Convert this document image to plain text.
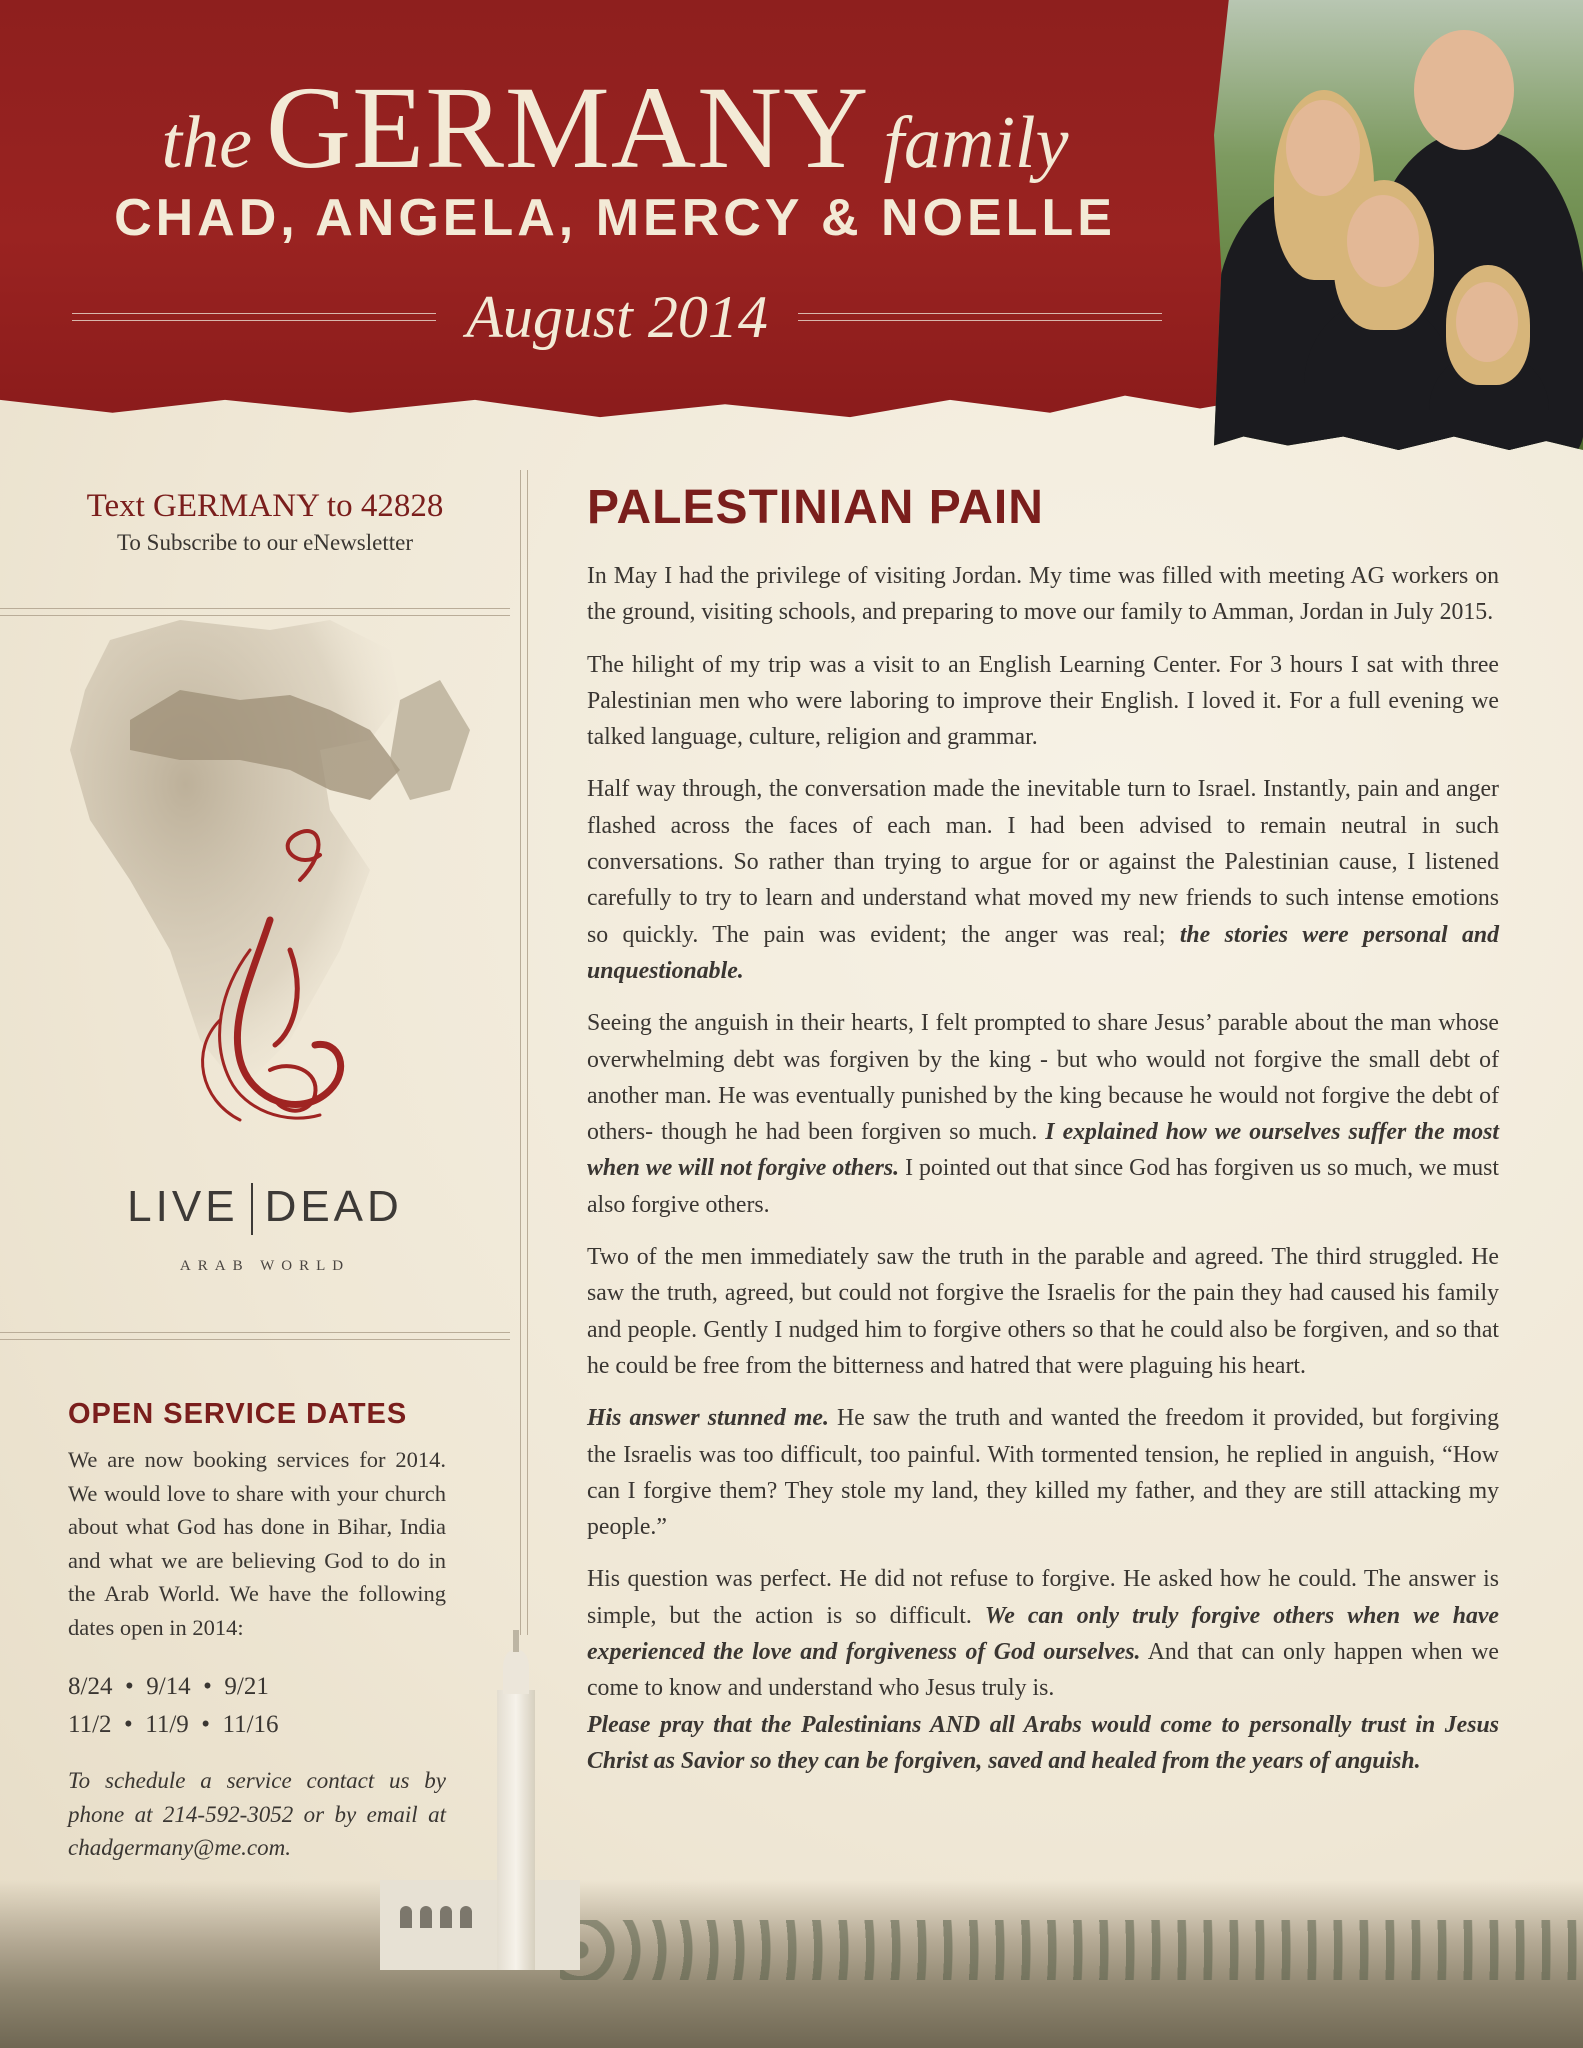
the GERMANY family
CHAD, ANGELA, MERCY & NOELLE
August 2014
Text GERMANY to 42828
To Subscribe to our eNewsletter
LIVE DEAD
ARAB WORLD
OPEN SERVICE DATES
We are now booking services for 2014. We would love to share with your church about what God has done in Bihar, India and what we are believing God to do in the Arab World. We have the following dates open in 2014:
8/24  •  9/14  •  9/21
11/2  •  11/9  •  11/16
To schedule a service contact us by phone at 214-592-3052 or by email at chadgermany@me.com.
PALESTINIAN PAIN

In May I had the privilege of visiting Jordan. My time was filled with meeting AG workers on the ground, visiting schools, and preparing to move our family to Amman, Jordan in July 2015.

The hilight of my trip was a visit to an English Learning Center. For 3 hours I sat with three Palestinian men who were laboring to improve their English. I loved it. For a full evening we talked language, culture, religion and grammar.

Half way through, the conversation made the inevitable turn to Israel. Instantly, pain and anger flashed across the faces of each man. I had been advised to remain neutral in such conversations. So rather than trying to argue for or against the Palestinian cause, I listened carefully to try to learn and understand what moved my new friends to such intense emotions so quickly. The pain was evident; the anger was real; the stories were personal and unquestionable.

Seeing the anguish in their hearts, I felt prompted to share Jesus’ parable about the man whose overwhelming debt was forgiven by the king - but who would not forgive the small debt of another man. He was eventually punished by the king because he would not forgive the debt of others- though he had been forgiven so much. I explained how we ourselves suffer the most when we will not forgive others. I pointed out that since God has forgiven us so much, we must also forgive others.

Two of the men immediately saw the truth in the parable and agreed. The third struggled. He saw the truth, agreed, but could not forgive the Israelis for the pain they had caused his family and people. Gently I nudged him to forgive others so that he could also be forgiven, and so that he could be free from the bitterness and hatred that were plaguing his heart.

His answer stunned me. He saw the truth and wanted the freedom it provided, but forgiving the Israelis was too difficult, too painful. With tormented tension, he replied in anguish, “How can I forgive them? They stole my land, they killed my father, and they are still attacking my people.”

His question was perfect. He did not refuse to forgive. He asked how he could. The answer is simple, but the action is so difficult. We can only truly forgive others when we have experienced the love and forgiveness of God ourselves. And that can only happen when we come to know and understand who Jesus truly is.

Please pray that the Palestinians AND all Arabs would come to personally trust in Jesus Christ as Savior so they can be forgiven, saved and healed from the years of anguish.
